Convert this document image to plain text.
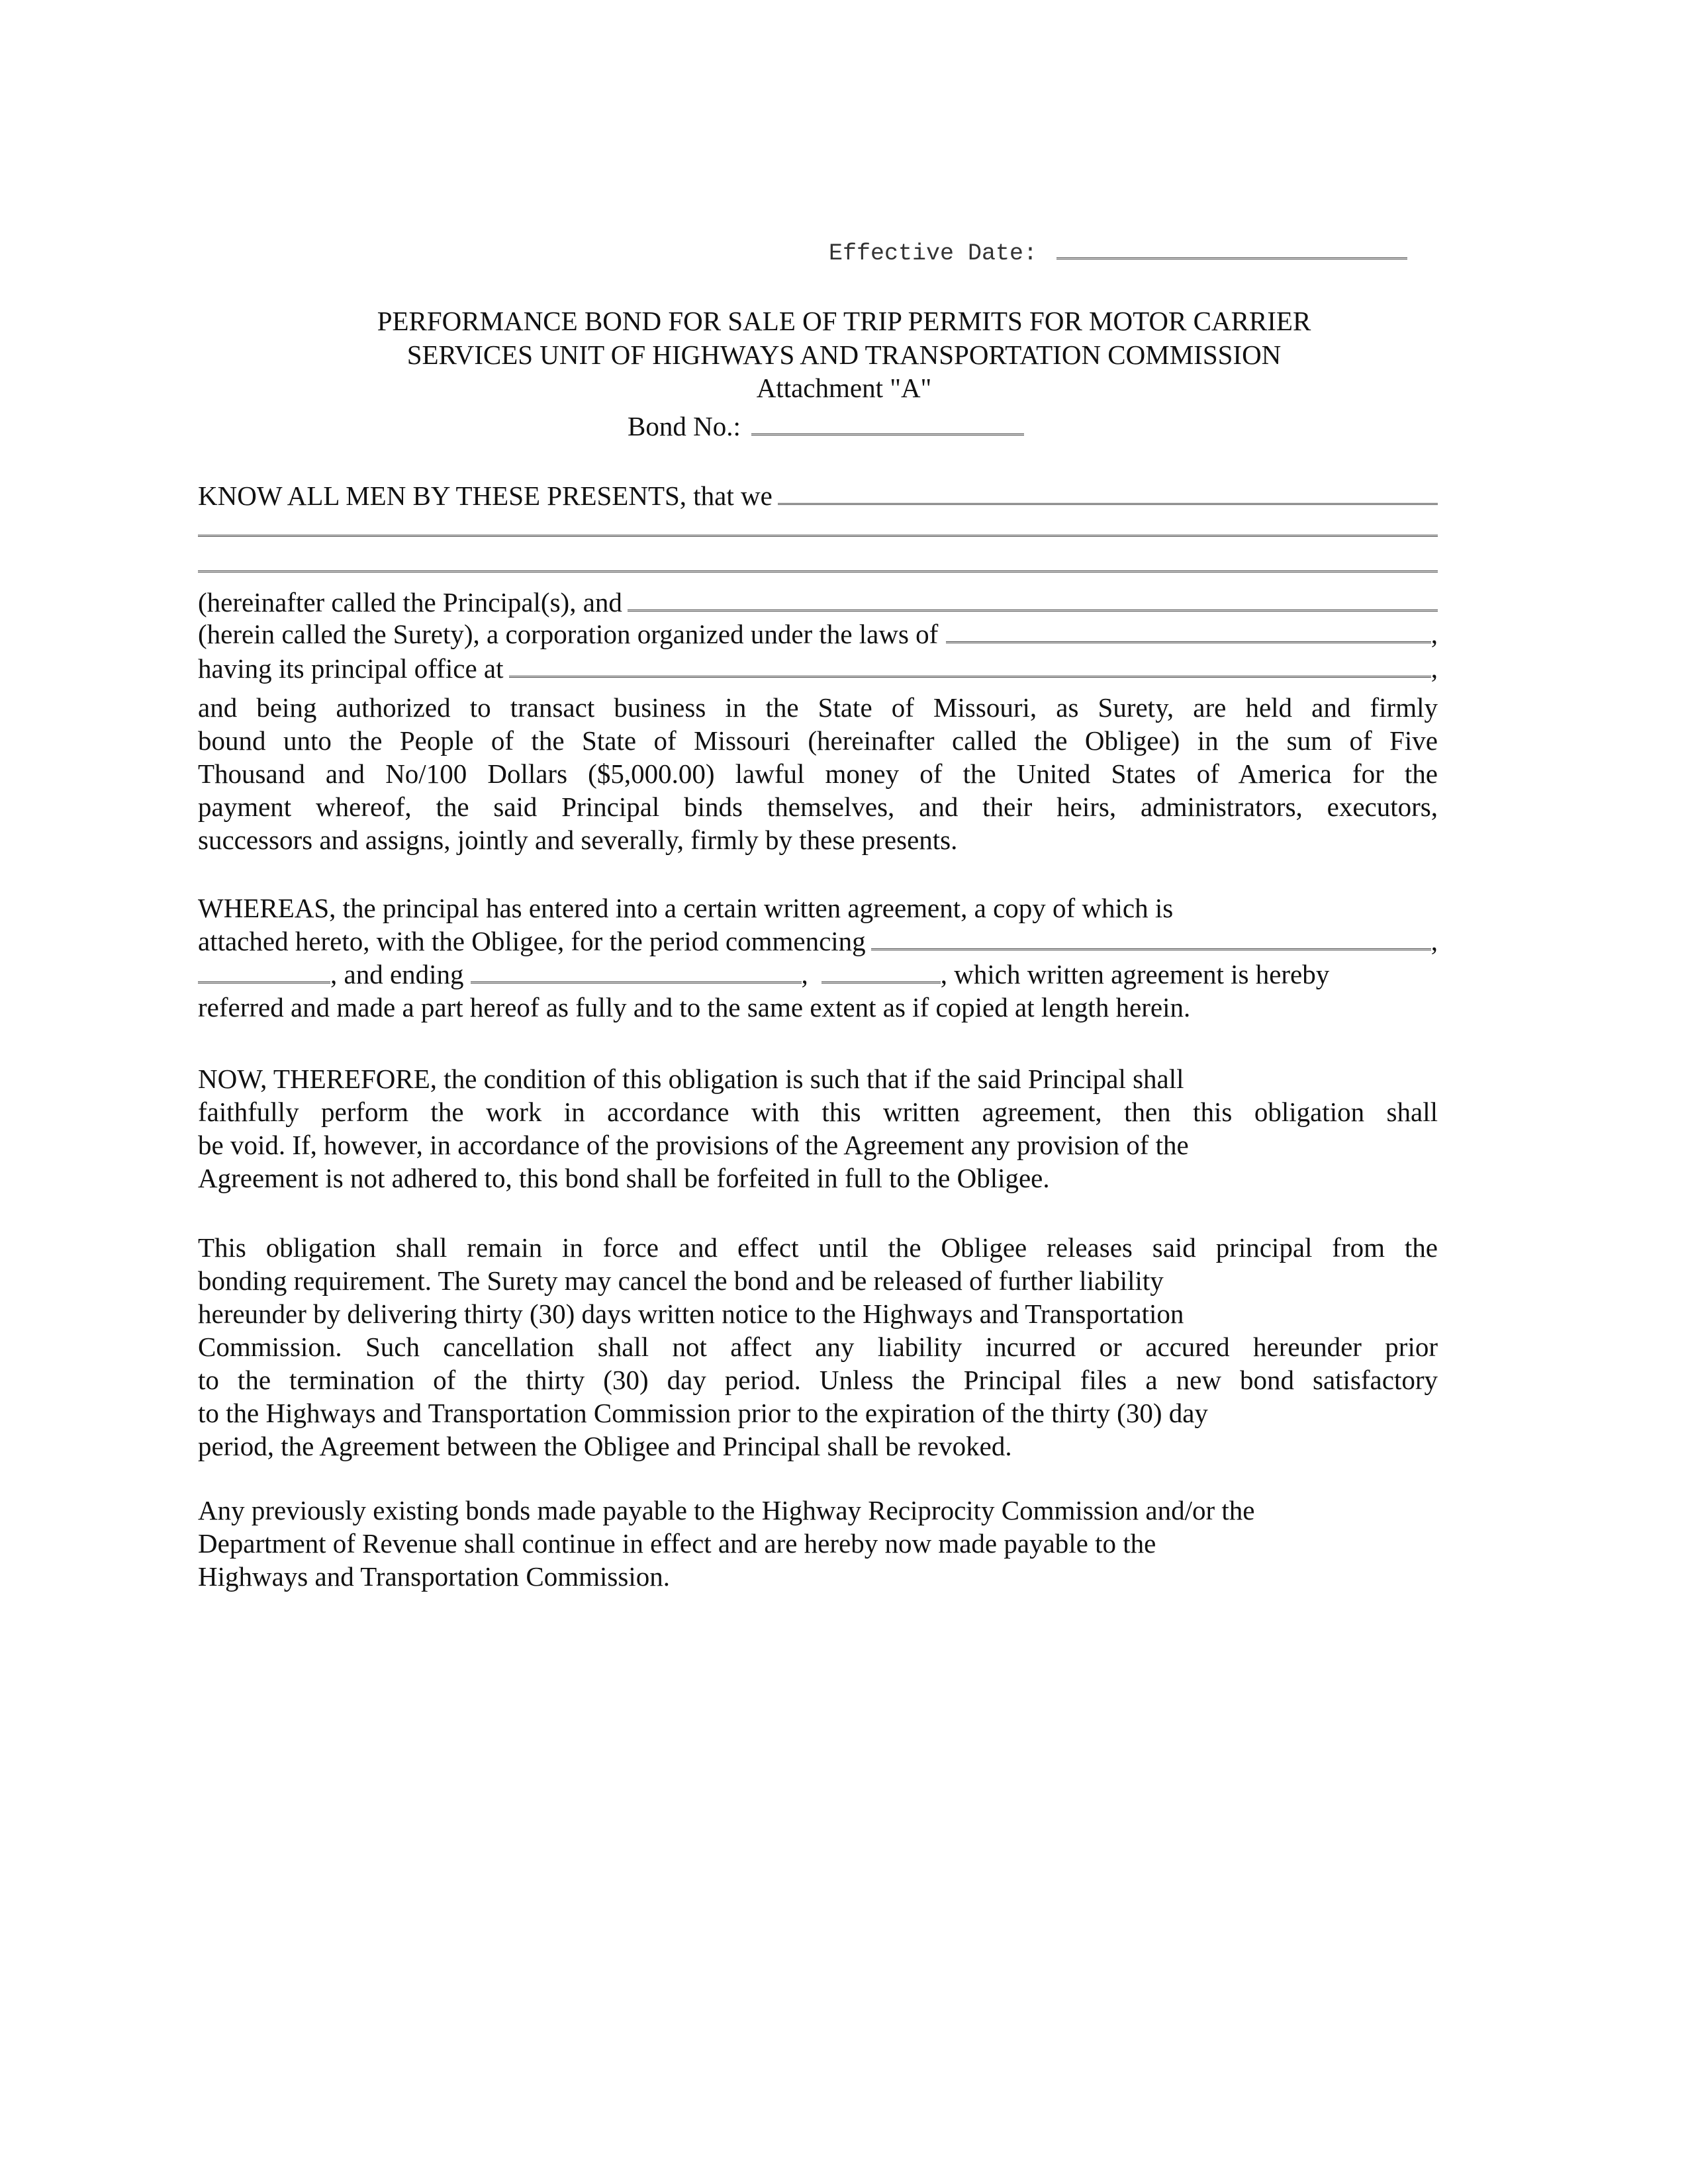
Effective Date:
PERFORMANCE BOND FOR SALE OF TRIP PERMITS FOR MOTOR CARRIER
SERVICES UNIT OF HIGHWAYS AND TRANSPORTATION COMMISSION
Attachment "A"
Bond No.:
KNOW ALL MEN BY THESE PRESENTS, that we
(hereinafter called the Principal(s), and
(herein called the Surety), a corporation organized under the laws of	,
having its principal office at	,
and being authorized to transact business in the State of Missouri, as Surety, are held and firmly
bound unto the People of the State of Missouri (hereinafter called the Obligee) in the sum of Five
Thousand and No/100 Dollars ($5,000.00) lawful money of the United States of America for the
payment whereof, the said Principal binds themselves, and their heirs, administrators, executors,
successors and assigns, jointly and severally, firmly by these presents.
WHEREAS, the principal has entered into a certain written agreement, a copy of which is
attached hereto, with the Obligee, for the period commencing	,
, and ending	,	, which written agreement is hereby
referred and made a part hereof as fully and to the same extent as if copied at length herein.
NOW, THEREFORE, the condition of this obligation is such that if the said Principal shall
faithfully perform the work in accordance with this written agreement, then this obligation shall
be void. If, however, in accordance of the provisions of the Agreement any provision of the
Agreement is not adhered to, this bond shall be forfeited in full to the Obligee.
This obligation shall remain in force and effect until the Obligee releases said principal from the
bonding requirement. The Surety may cancel the bond and be released of further liability
hereunder by delivering thirty (30) days written notice to the Highways and Transportation
Commission. Such cancellation shall not affect any liability incurred or accured hereunder prior
to the termination of the thirty (30) day period. Unless the Principal files a new bond satisfactory
to the Highways and Transportation Commission prior to the expiration of the thirty (30) day
period, the Agreement between the Obligee and Principal shall be revoked.
Any previously existing bonds made payable to the Highway Reciprocity Commission and/or the
Department of Revenue shall continue in effect and are hereby now made payable to the
Highways and Transportation Commission.
